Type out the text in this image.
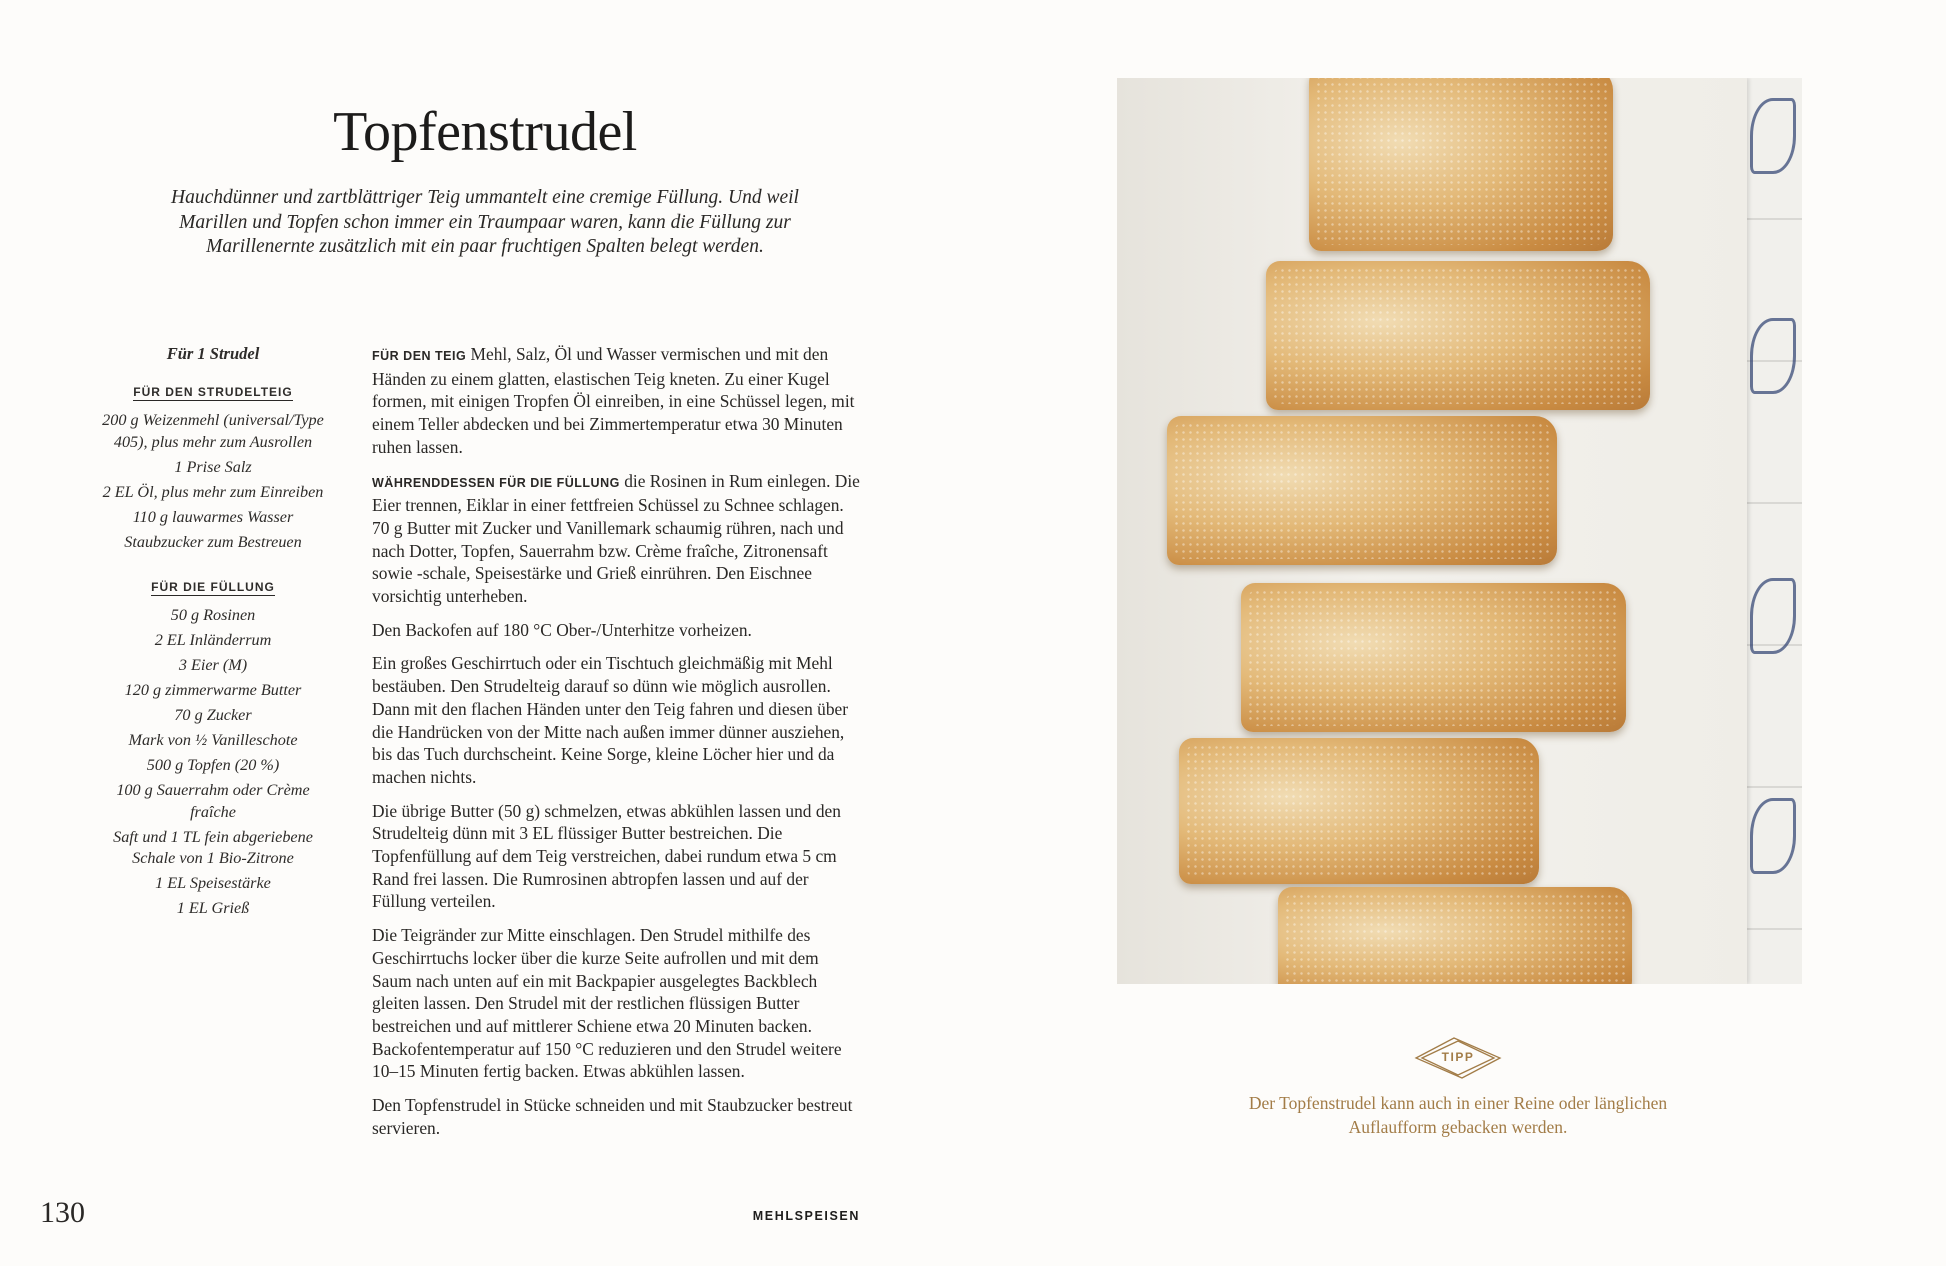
Topfenstrudel
Hauchdünner und zartblättriger Teig ummantelt eine cremige Füllung. Und weil Marillen und Topfen schon immer ein Traumpaar waren, kann die Füllung zur Marillenernte zusätzlich mit ein paar fruchtigen Spalten belegt werden.
Für 1 Strudel
FÜR DEN STRUDELTEIG
200 g Weizenmehl (universal/Type 405), plus mehr zum Ausrollen
1 Prise Salz
2 EL Öl, plus mehr zum Einreiben
110 g lauwarmes Wasser
Staubzucker zum Bestreuen
FÜR DIE FÜLLUNG
50 g Rosinen
2 EL Inländerrum
3 Eier (M)
120 g zimmerwarme Butter
70 g Zucker
Mark von ½ Vanilleschote
500 g Topfen (20 %)
100 g Sauerrahm oder Crème fraîche
Saft und 1 TL fein abgeriebene Schale von 1 Bio-Zitrone
1 EL Speisestärke
1 EL Grieß

FÜR DEN TEIG Mehl, Salz, Öl und Wasser vermischen und mit den Händen zu einem glatten, elastischen Teig kneten. Zu einer Kugel formen, mit einigen Tropfen Öl einreiben, in eine Schüssel legen, mit einem Teller abdecken und bei Zimmertemperatur etwa 30 Minuten ruhen lassen.

WÄHRENDDESSEN FÜR DIE FÜLLUNG die Rosinen in Rum einlegen. Die Eier trennen, Eiklar in einer fettfreien Schüssel zu Schnee schlagen. 70 g Butter mit Zucker und Vanillemark schaumig rühren, nach und nach Dotter, Topfen, Sauerrahm bzw. Crème fraîche, Zitronensaft sowie -schale, Speisestärke und Grieß einrühren. Den Eischnee vorsichtig unterheben.

Den Backofen auf 180 °C Ober-/Unterhitze vorheizen.

Ein großes Geschirrtuch oder ein Tischtuch gleichmäßig mit Mehl bestäuben. Den Strudelteig darauf so dünn wie möglich ausrollen. Dann mit den flachen Händen unter den Teig fahren und diesen über die Handrücken von der Mitte nach außen immer dünner ausziehen, bis das Tuch durchscheint. Keine Sorge, kleine Löcher hier und da machen nichts.

Die übrige Butter (50 g) schmelzen, etwas abkühlen lassen und den Strudelteig dünn mit 3 EL flüssiger Butter bestreichen. Die Topfenfüllung auf dem Teig verstreichen, dabei rundum etwa 5 cm Rand frei lassen. Die Rumrosinen abtropfen lassen und auf der Füllung verteilen.

Die Teigränder zur Mitte einschlagen. Den Strudel mithilfe des Geschirrtuchs locker über die kurze Seite aufrollen und mit dem Saum nach unten auf ein mit Backpapier ausgelegtes Backblech gleiten lassen. Den Strudel mit der restlichen flüssigen Butter bestreichen und auf mittlerer Schiene etwa 20 Minuten backen. Backofentemperatur auf 150 °C reduzieren und den Strudel weitere 10–15 Minuten fertig backen. Etwas abkühlen lassen.

Den Topfenstrudel in Stücke schneiden und mit Staubzucker bestreut servieren.

TIPP
Der Topfenstrudel kann auch in einer Reine oder länglichen Auflaufform gebacken werden.
130	MEHLSPEISEN
